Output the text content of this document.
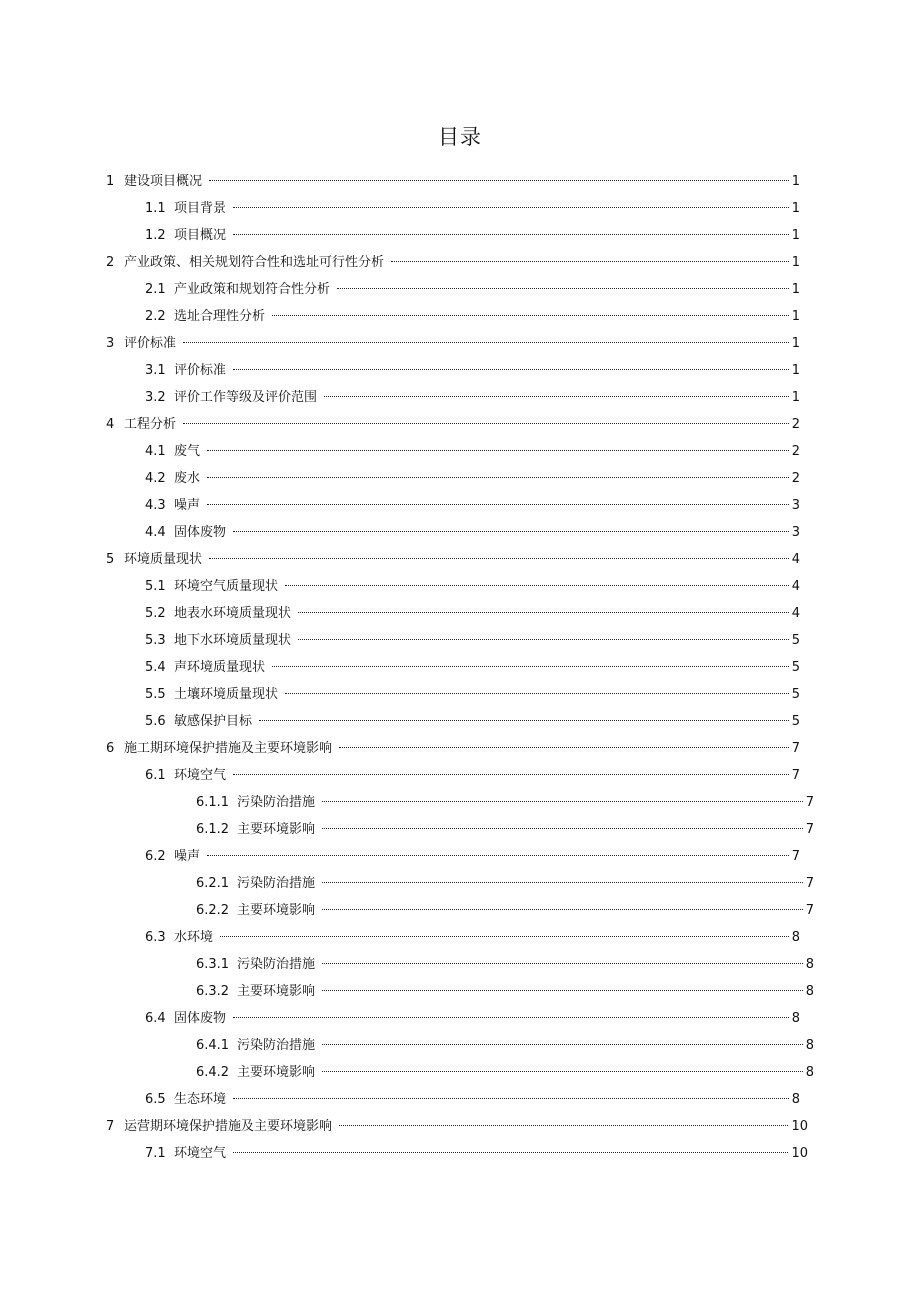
目录
1 建设项目概况	1
1.1 项目背景	1
1.2 项目概况	1
2 产业政策、相关规划符合性和选址可行性分析	1
2.1 产业政策和规划符合性分析	1
2.2 选址合理性分析	1
3 评价标准	1
3.1 评价标准	1
3.2 评价工作等级及评价范围	1
4 工程分析	2
4.1 废气	2
4.2 废水	2
4.3 噪声	3
4.4 固体废物	3
5 环境质量现状	4
5.1 环境空气质量现状	4
5.2 地表水环境质量现状	4
5.3 地下水环境质量现状	5
5.4 声环境质量现状	5
5.5 土壤环境质量现状	5
5.6 敏感保护目标	5
6 施工期环境保护措施及主要环境影响	7
6.1 环境空气	7
6.1.1 污染防治措施	7
6.1.2 主要环境影响	7
6.2 噪声	7
6.2.1 污染防治措施	7
6.2.2 主要环境影响	7
6.3 水环境	8
6.3.1 污染防治措施	8
6.3.2 主要环境影响	8
6.4 固体废物	8
6.4.1 污染防治措施	8
6.4.2 主要环境影响	8
6.5 生态环境	8
7 运营期环境保护措施及主要环境影响	10
7.1 环境空气	10
